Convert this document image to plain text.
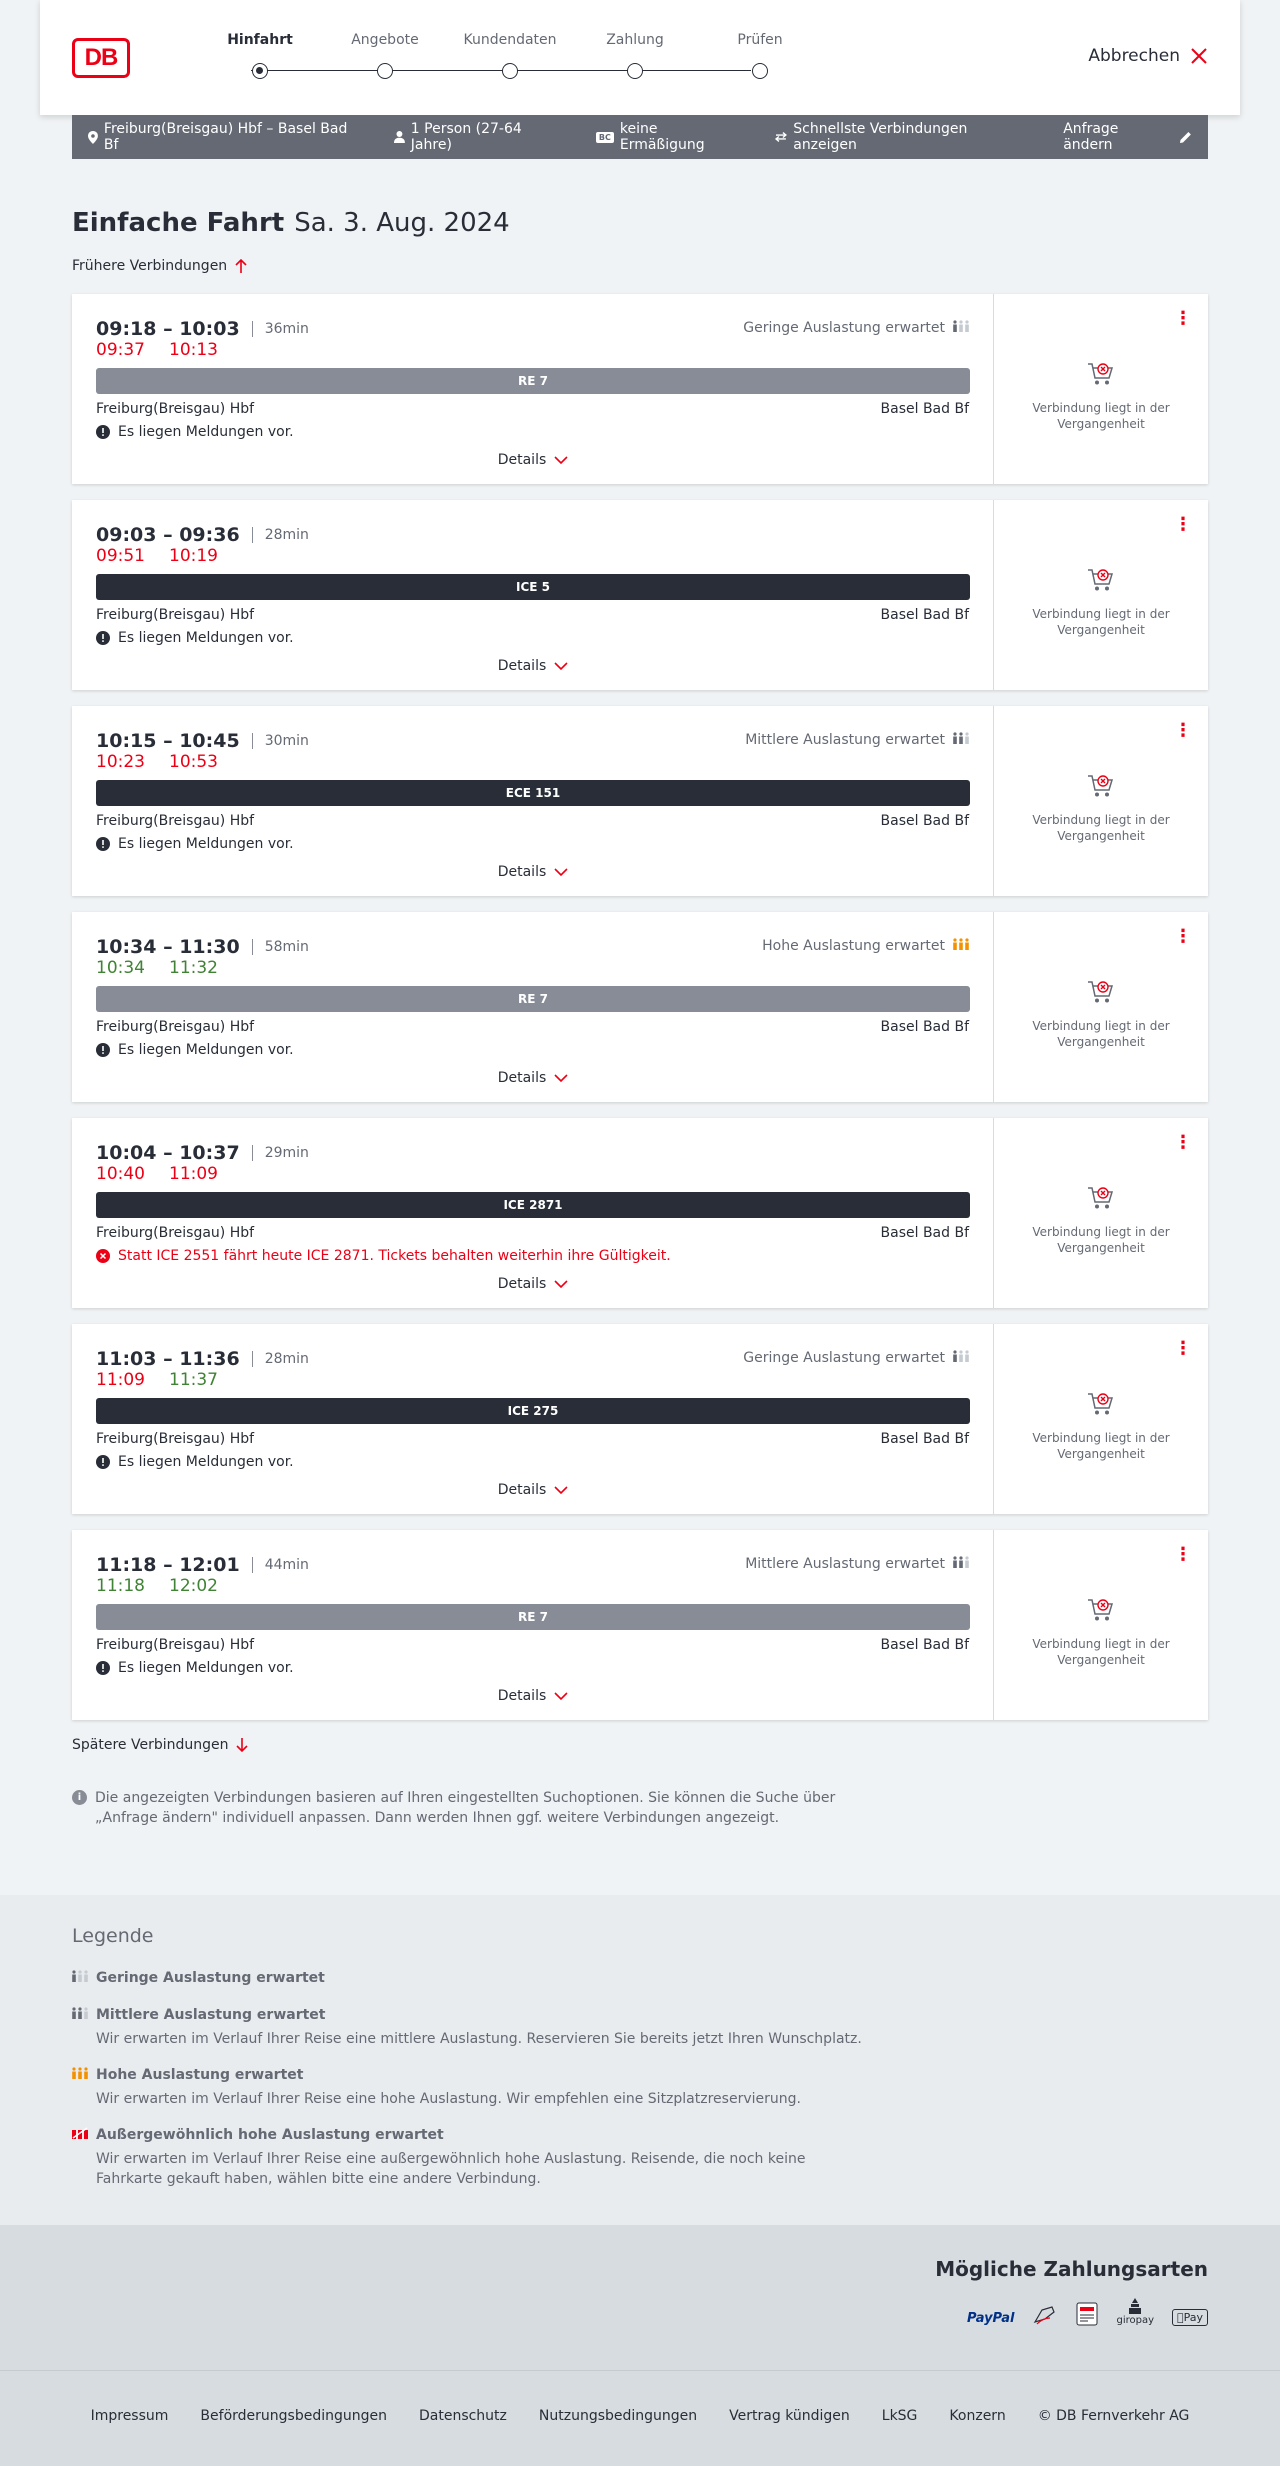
DB
Hinfahrt	Angebote	Kundendaten	Zahlung	Prüfen
Abbrechen
Freiburg(Breisgau) Hbf – Basel Bad Bf
1 Person (27-64 Jahre)	BC keine Ermäßigung
Schnellste Verbindungen anzeigen
Anfrage ändern
Einfache Fahrt Sa. 3. Aug. 2024
Frühere Verbindungen
09:18 – 10:03 36min
09:37 10:13
Geringe Auslastung erwartet
RE 7
Freiburg(Breisgau) Hbf	Basel Bad Bf
Es liegen Meldungen vor.
Details
⋮
Verbindung liegt in der Vergangenheit
09:03 – 09:36 28min
09:51 10:19
ICE 5
Freiburg(Breisgau) Hbf	Basel Bad Bf
Es liegen Meldungen vor.
Details
⋮
Verbindung liegt in der Vergangenheit
10:15 – 10:45 30min
10:23 10:53
Mittlere Auslastung erwartet
ECE 151
Freiburg(Breisgau) Hbf	Basel Bad Bf
Es liegen Meldungen vor.
Details
⋮
Verbindung liegt in der Vergangenheit
10:34 – 11:30 58min
10:34 11:32
Hohe Auslastung erwartet
RE 7
Freiburg(Breisgau) Hbf	Basel Bad Bf
Es liegen Meldungen vor.
Details
⋮
Verbindung liegt in der Vergangenheit
10:04 – 10:37 29min
10:40 11:09
ICE 2871
Freiburg(Breisgau) Hbf	Basel Bad Bf
Statt ICE 2551 fährt heute ICE 2871. Tickets behalten weiterhin ihre Gültigkeit.
Details
⋮
Verbindung liegt in der Vergangenheit
11:03 – 11:36 28min
11:09 11:37
Geringe Auslastung erwartet
ICE 275
Freiburg(Breisgau) Hbf	Basel Bad Bf
Es liegen Meldungen vor.
Details
⋮
Verbindung liegt in der Vergangenheit
11:18 – 12:01 44min
11:18 12:02
Mittlere Auslastung erwartet
RE 7
Freiburg(Breisgau) Hbf	Basel Bad Bf
Es liegen Meldungen vor.
Details
⋮
Verbindung liegt in der Vergangenheit
Spätere Verbindungen
i Die angezeigten Verbindungen basieren auf Ihren eingestellten Suchoptionen. Sie können die Suche über „Anfrage ändern" individuell anpassen. Dann werden Ihnen ggf. weitere Verbindungen angezeigt.
Legende
Geringe Auslastung erwartet
Mittlere Auslastung erwartet
Wir erwarten im Verlauf Ihrer Reise eine mittlere Auslastung. Reservieren Sie bereits jetzt Ihren Wunschplatz.
Hohe Auslastung erwartet
Wir erwarten im Verlauf Ihrer Reise eine hohe Auslastung. Wir empfehlen eine Sitzplatzreservierung.
Außergewöhnlich hohe Auslastung erwartet
Wir erwarten im Verlauf Ihrer Reise eine außergewöhnlich hohe Auslastung. Reisende, die noch keine Fahrkarte gekauft haben, wählen bitte eine andere Verbindung.
Mögliche Zahlungsarten
PayPal	giropay	Pay
Impressum Beförderungsbedingungen Datenschutz Nutzungsbedingungen Vertrag kündigen LkSG Konzern © DB Fernverkehr AG
